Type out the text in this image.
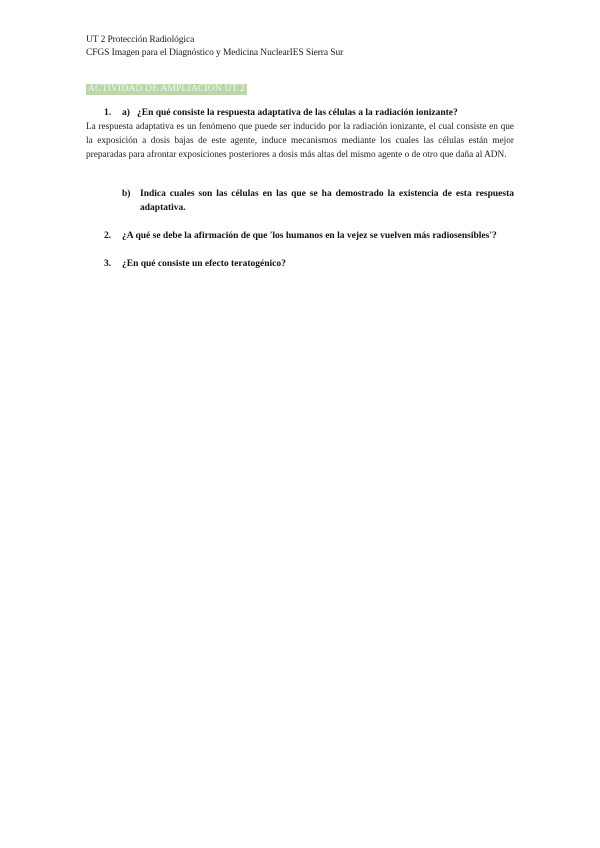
UT 2 Protección Radiológica
CFGS Imagen para el Diagnóstico y Medicina NuclearIES Sierra Sur
ACTIVIDAD DE AMPLIACIÓN UT 2
1. a) ¿En qué consiste la respuesta adaptativa de las células a la radiación ionizante?
La respuesta adaptativa es un fenómeno que puede ser inducido por la radiación ionizante, el cual consiste en que la exposición a dosis bajas de este agente, induce mecanismos mediante los cuales las células están mejor preparadas para afrontar exposiciones posteriores a dosis más altas del mismo agente o de otro que daña al ADN.
b) Indica cuales son las células en las que se ha demostrado la existencia de esta respuesta adaptativa.
2. ¿A qué se debe la afirmación de que 'los humanos en la vejez se vuelven más radiosensibles'?
3. ¿En qué consiste un efecto teratogénico?
